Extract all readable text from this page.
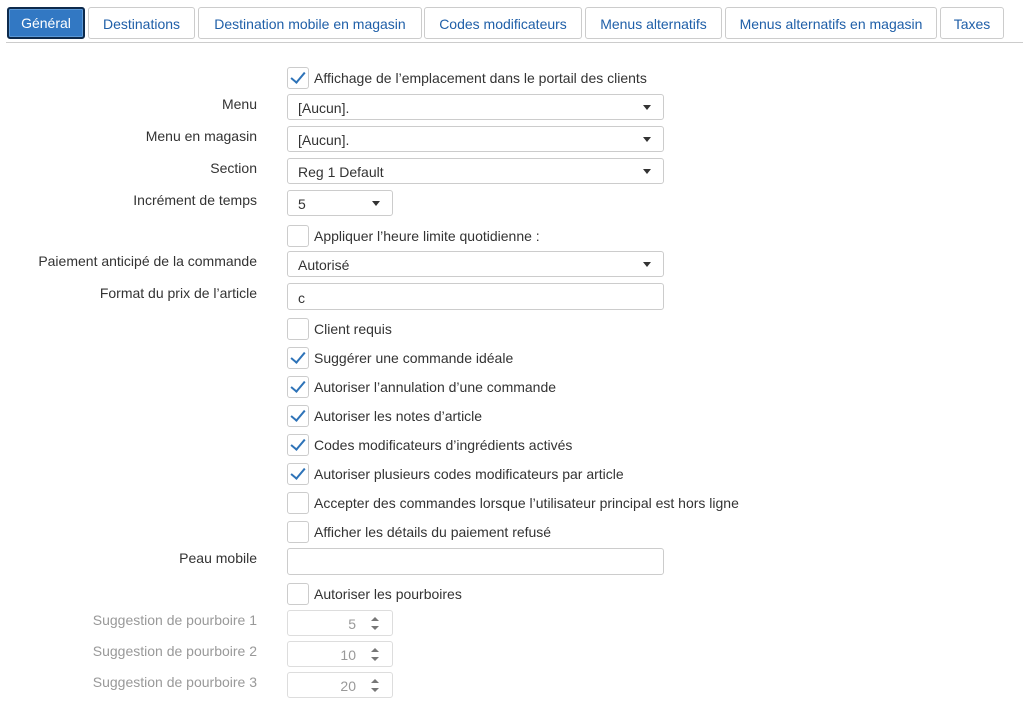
Général	Destinations	Destination mobile en magasin	Codes modificateurs	Menus alternatifs	Menus alternatifs en magasin	Taxes
Affichage de l’emplacement dans le portail des clients
Menu	[Aucun].
Menu en magasin	[Aucun].
Section	Reg 1 Default
Incrément de temps	5
Appliquer l’heure limite quotidienne :
Paiement anticipé de la commande	Autorisé
Format du prix de l’article	c
Client requis
Suggérer une commande idéale
Autoriser l’annulation d’une commande
Autoriser les notes d’article
Codes modificateurs d’ingrédients activés
Autoriser plusieurs codes modificateurs par article
Accepter des commandes lorsque l’utilisateur principal est hors ligne
Afficher les détails du paiement refusé
Peau mobile
Autoriser les pourboires
Suggestion de pourboire 1	5
Suggestion de pourboire 2	10
Suggestion de pourboire 3	20
